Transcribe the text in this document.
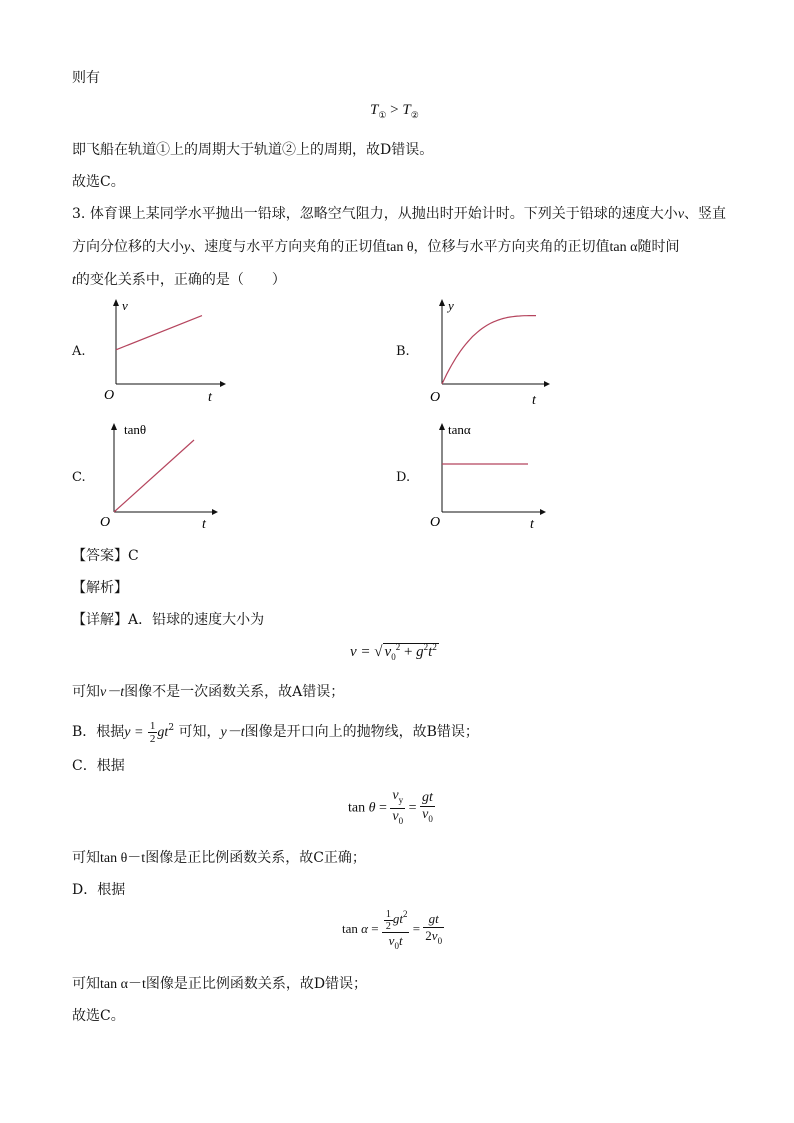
则有
$T_① > T_②$
即飞船在轨道①上的周期大于轨道②上的周期，故D错误。
故选C。
3. 体育课上某同学水平抛出一铅球，忽略空气阻力，从抛出时开始计时。下列关于铅球的速度大小v、竖直方向分位移的大小y、速度与水平方向夹角的正切值tan θ，位移与水平方向夹角的正切值tan α随时间
t的变化关系中，正确的是（　　）
A.
v
O	t
B.
y
O	t
C.
tanθ
O	t
D.
tanα
O	t
【答案】C
【解析】
【详解】A．铅球的速度大小为
v = √ $v_0^2 + g^2t^2$
可知v－t图像不是一次函数关系，故A错误；
B．根据$y = \frac{1}{2} gt^2$ 可知，y－t图像是开口向上的抛物线，故B错误；
C．根据
$\tan \theta = \frac{v_y}{v_0} = \frac{gt}{v_0}$
可知tan θ－t图像是正比例函数关系，故C正确；
D．根据
$\tan \alpha = \frac{\frac{1}{2} gt^2}{v_0t} = \frac{gt}{2v_0}$
可知tan α－t图像是正比例函数关系，故D错误；
故选C。
